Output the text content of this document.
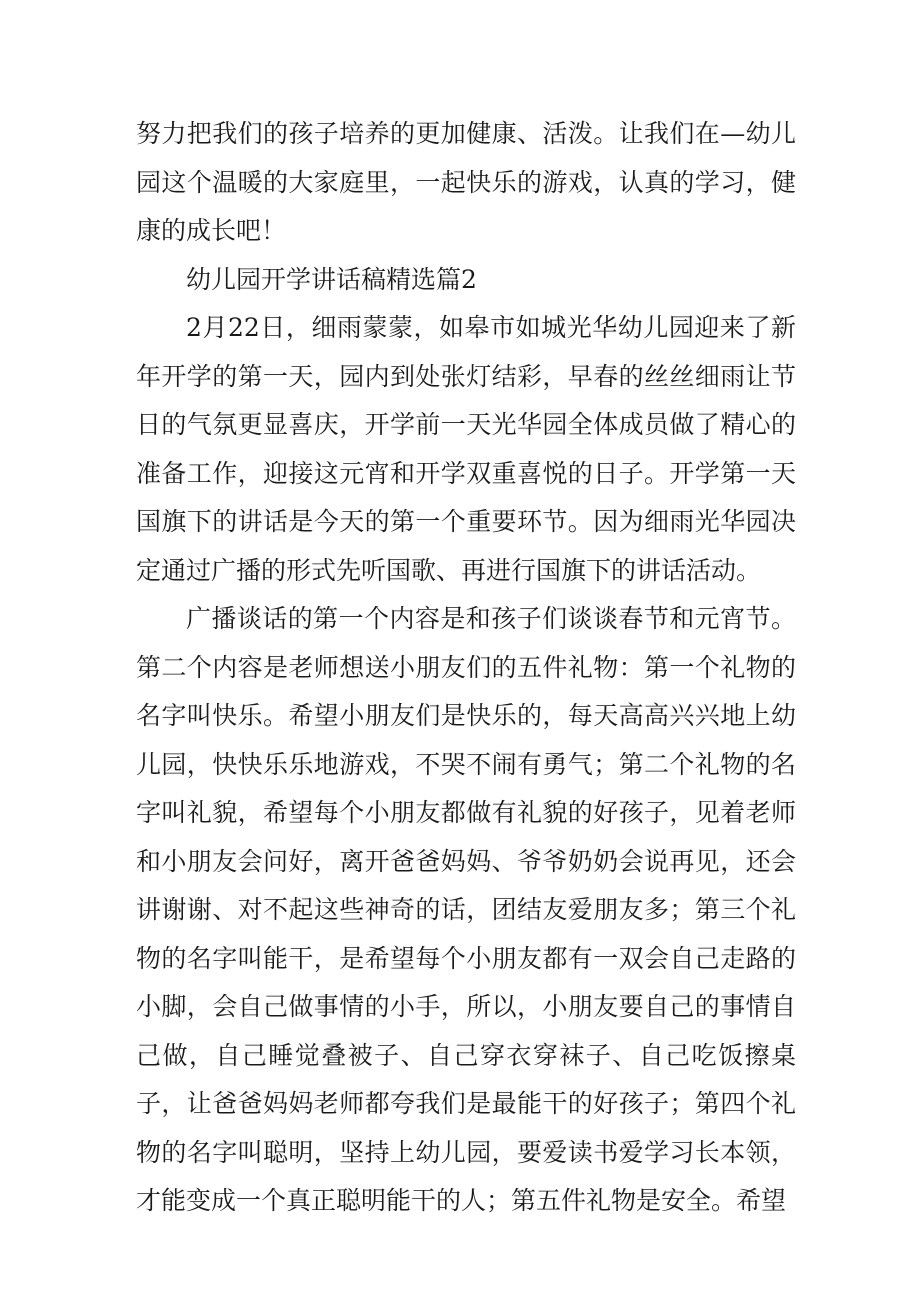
努力把我们的孩子培养的更加健康、活泼。让我们在—幼儿园这个温暖的大家庭里，一起快乐的游戏，认真的学习，健康的成长吧！

幼儿园开学讲话稿精选篇2

2月22日，细雨蒙蒙，如皋市如城光华幼儿园迎来了新年开学的第一天，园内到处张灯结彩，早春的丝丝细雨让节日的气氛更显喜庆，开学前一天光华园全体成员做了精心的准备工作，迎接这元宵和开学双重喜悦的日子。开学第一天国旗下的讲话是今天的第一个重要环节。因为细雨光华园决定通过广播的形式先听国歌、再进行国旗下的讲话活动。

广播谈话的第一个内容是和孩子们谈谈春节和元宵节。第二个内容是老师想送小朋友们的五件礼物：第一个礼物的名字叫快乐。希望小朋友们是快乐的，每天高高兴兴地上幼儿园，快快乐乐地游戏，不哭不闹有勇气；第二个礼物的名字叫礼貌，希望每个小朋友都做有礼貌的好孩子，见着老师和小朋友会问好，离开爸爸妈妈、爷爷奶奶会说再见，还会讲谢谢、对不起这些神奇的话，团结友爱朋友多；第三个礼物的名字叫能干，是希望每个小朋友都有一双会自己走路的小脚，会自己做事情的小手，所以，小朋友要自己的事情自己做，自己睡觉叠被子、自己穿衣穿袜子、自己吃饭擦桌子，让爸爸妈妈老师都夸我们是最能干的好孩子；第四个礼物的名字叫聪明，坚持上幼儿园，要爱读书爱学习长本领，才能变成一个真正聪明能干的人；第五件礼物是安全。希望
